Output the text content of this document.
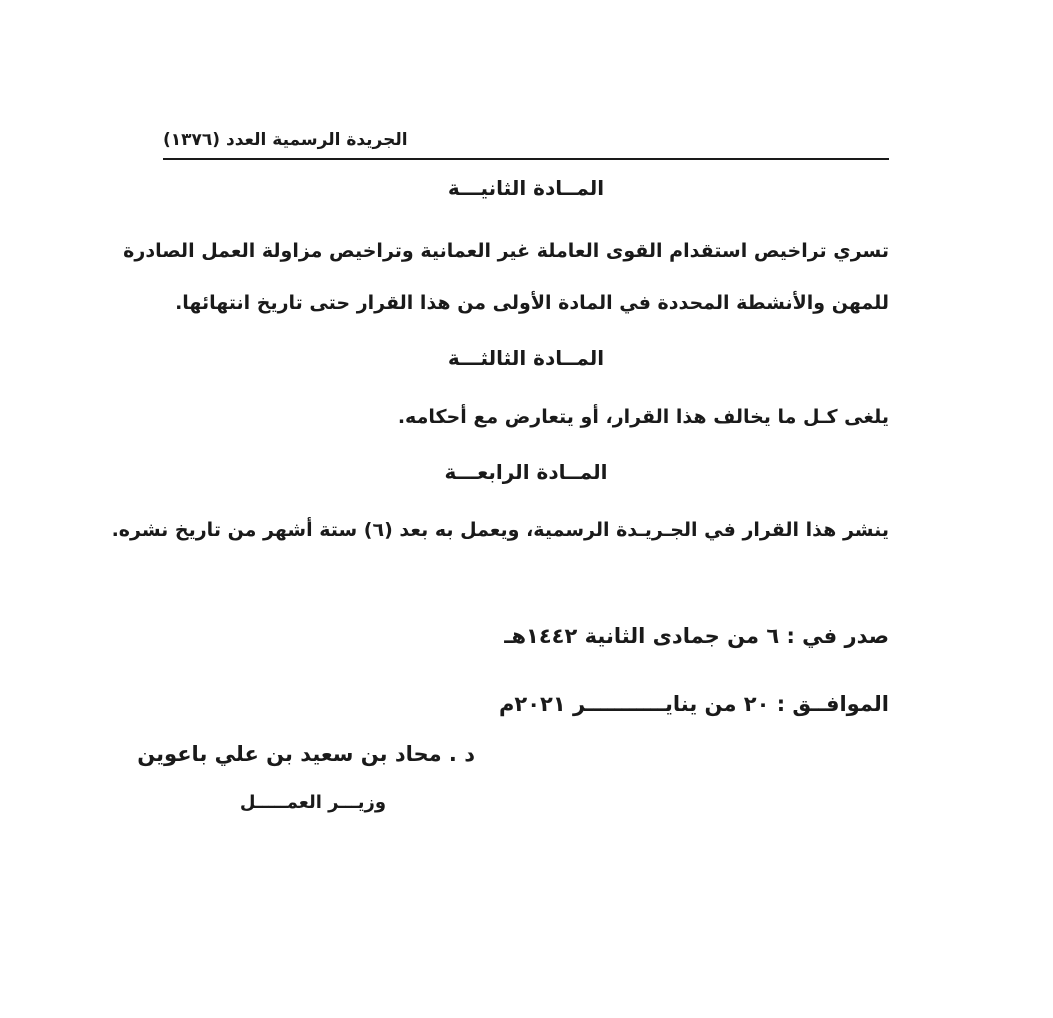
الجريدة الرسمية العدد (١٣٧٦)
المــادة الثانيـــة
تسري تراخيص استقدام القوى العاملة غير العمانية وتراخيص مزاولة العمل الصادرة
للمهن والأنشطة المحددة في المادة الأولى من هذا القرار حتى تاريخ انتهائها.
المــادة الثالثـــة
يلغى كـل ما يخالف هذا القرار، أو يتعارض مع أحكامه.
المــادة الرابعـــة
ينشر هذا القرار في الجـريـدة الرسمية، ويعمل به بعد (٦) ستة أشهر من تاريخ نشره.
صدر في : ٦ من جمادى الثانية ١٤٤٢هـ
الموافــق : ٢٠ من ينايـــــــــــر ٢٠٢١م
د . محاد بن سعيد بن علي باعوين
وزيـــر العمـــــل
